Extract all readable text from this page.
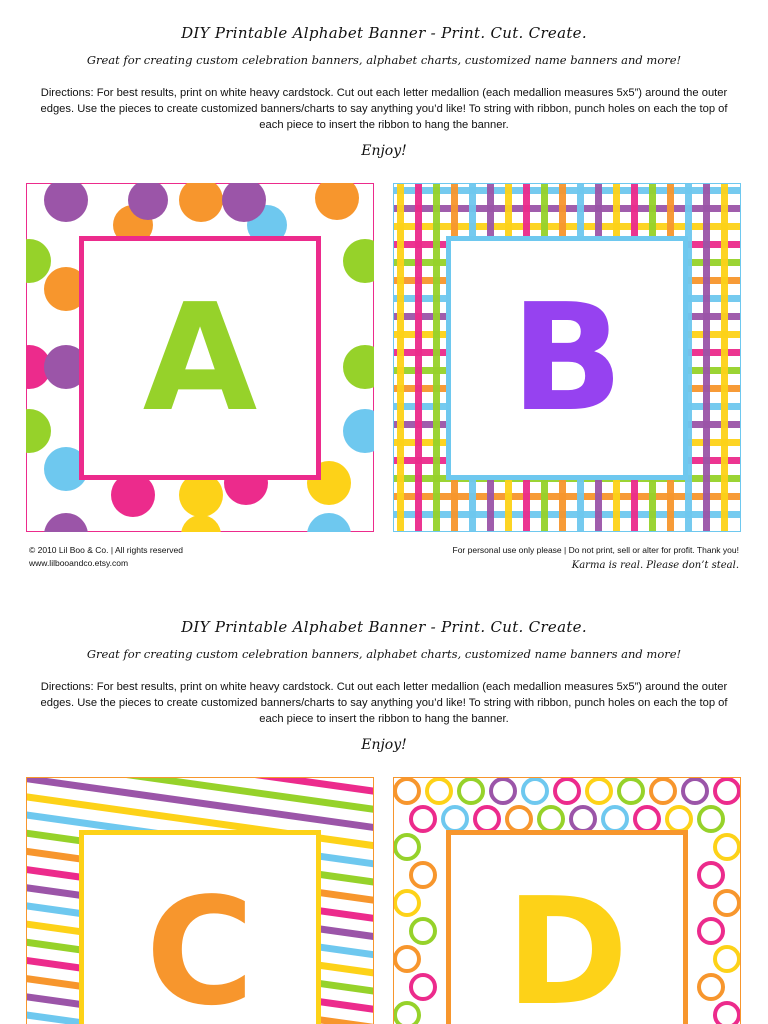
DIY Printable Alphabet Banner - Print. Cut. Create.
Great for creating custom celebration banners, alphabet charts, customized name banners and more!
Directions: For best results, print on white heavy cardstock. Cut out each letter medallion (each medallion measures 5x5”) around the outer edges. Use the pieces to create customized banners/charts to say anything you’d like! To string with ribbon, punch holes on each the top of each piece to insert the ribbon to hang the banner.
Enjoy!
A B
© 2010 Lil Boo & Co. | All rights reserved
www.lilbooandco.etsy.com
For personal use only please | Do not print, sell or alter for profit. Thank you!
Karma is real. Please don’t steal.
DIY Printable Alphabet Banner - Print. Cut. Create.
Great for creating custom celebration banners, alphabet charts, customized name banners and more!
Directions: For best results, print on white heavy cardstock. Cut out each letter medallion (each medallion measures 5x5”) around the outer edges. Use the pieces to create customized banners/charts to say anything you’d like! To string with ribbon, punch holes on each the top of each piece to insert the ribbon to hang the banner.
Enjoy!
C D
